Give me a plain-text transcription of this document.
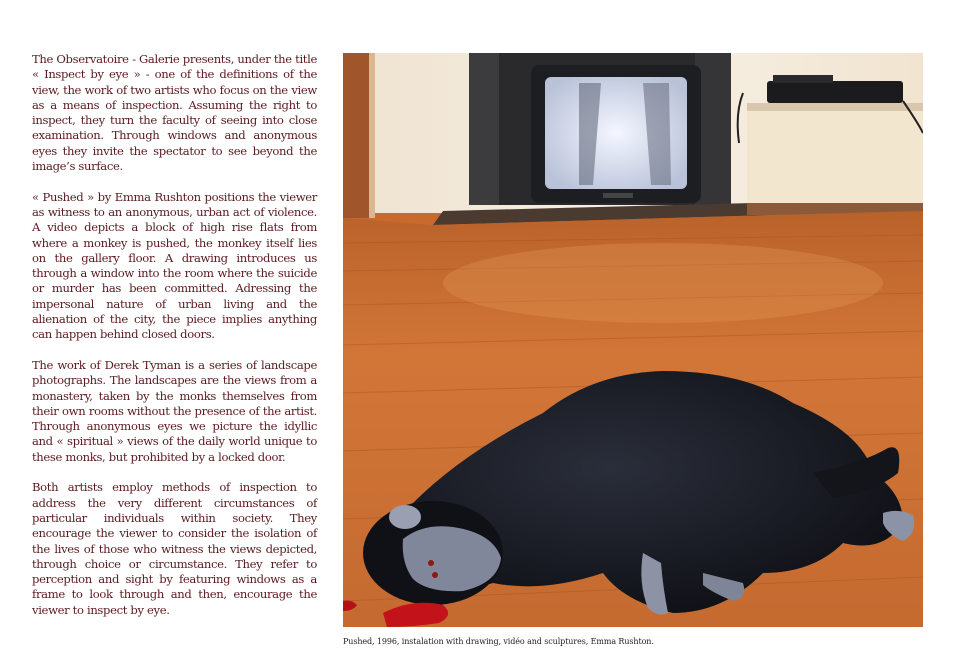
The Observatoire - Galerie presents, under the title « Inspect by eye » - one of the definitions of the view, the work of two artists who focus on the view as a means of inspection. Assuming the right to inspect, they turn the faculty of seeing into close examination. Through windows and anonymous eyes they invite the spectator to see beyond the image’s surface.

« Pushed » by Emma Rushton positions the viewer as witness to an anonymous, urban act of violence. A video depicts a block of high rise flats from where a monkey is pushed, the monkey itself lies on the gallery floor. A drawing introduces us through a window into the room where the suicide or murder has been committed. Adressing the impersonal nature of urban living and the alienation of the city, the piece implies anything can happen behind closed doors.

The work of Derek Tyman is a series of landscape photographs. The landscapes are the views from a monastery, taken by the monks themselves from their own rooms without the presence of the artist. Through anonymous eyes we picture the idyllic and « spiritual » views of the daily world unique to these monks, but prohibited by a locked door.

Both artists employ methods of inspection to address the very different circumstances of particular individuals within society. They encourage the viewer to consider the isolation of the lives of those who witness the views depicted, through choice or circumstance. They refer to perception and sight by featuring windows as a frame to look through and then, encourage the viewer to inspect by eye.

Pushed, 1996, instalation with drawing, vidéo and sculptures, Emma Rushton.
